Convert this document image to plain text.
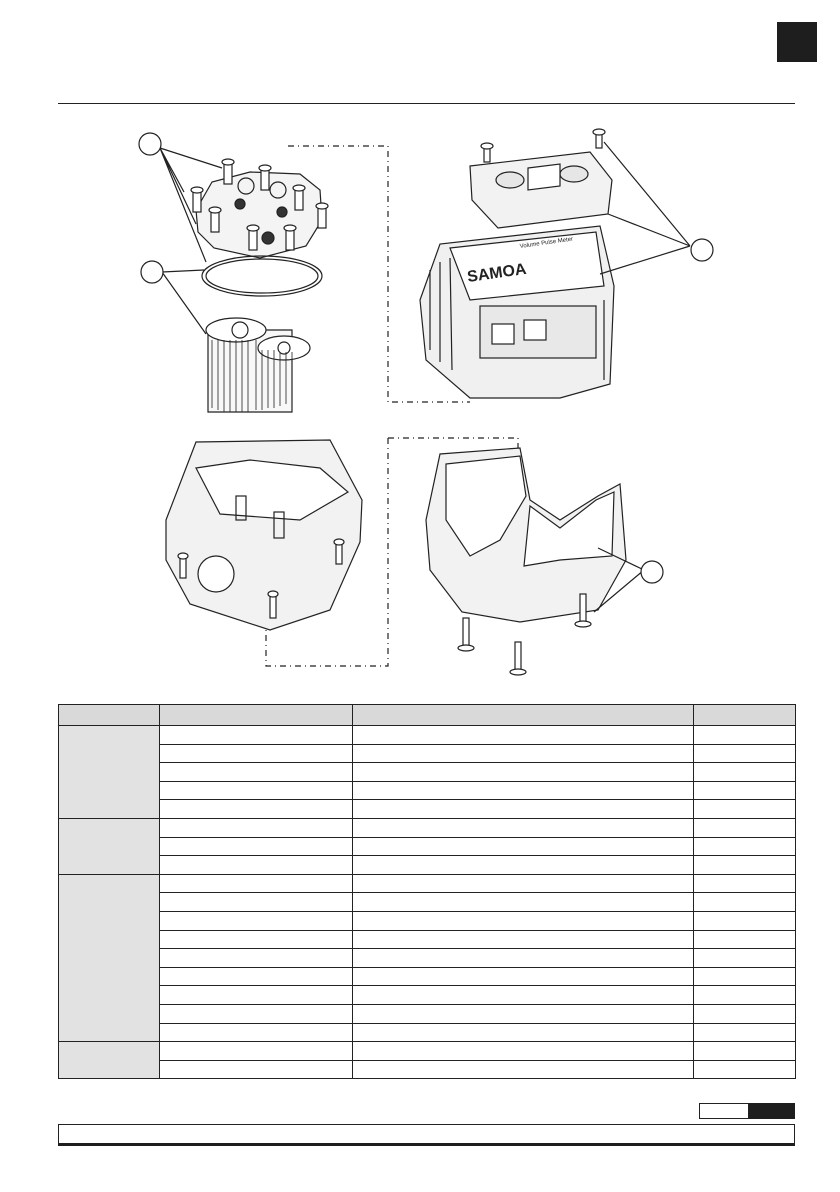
SAMOA
Volume Pulse Meter
